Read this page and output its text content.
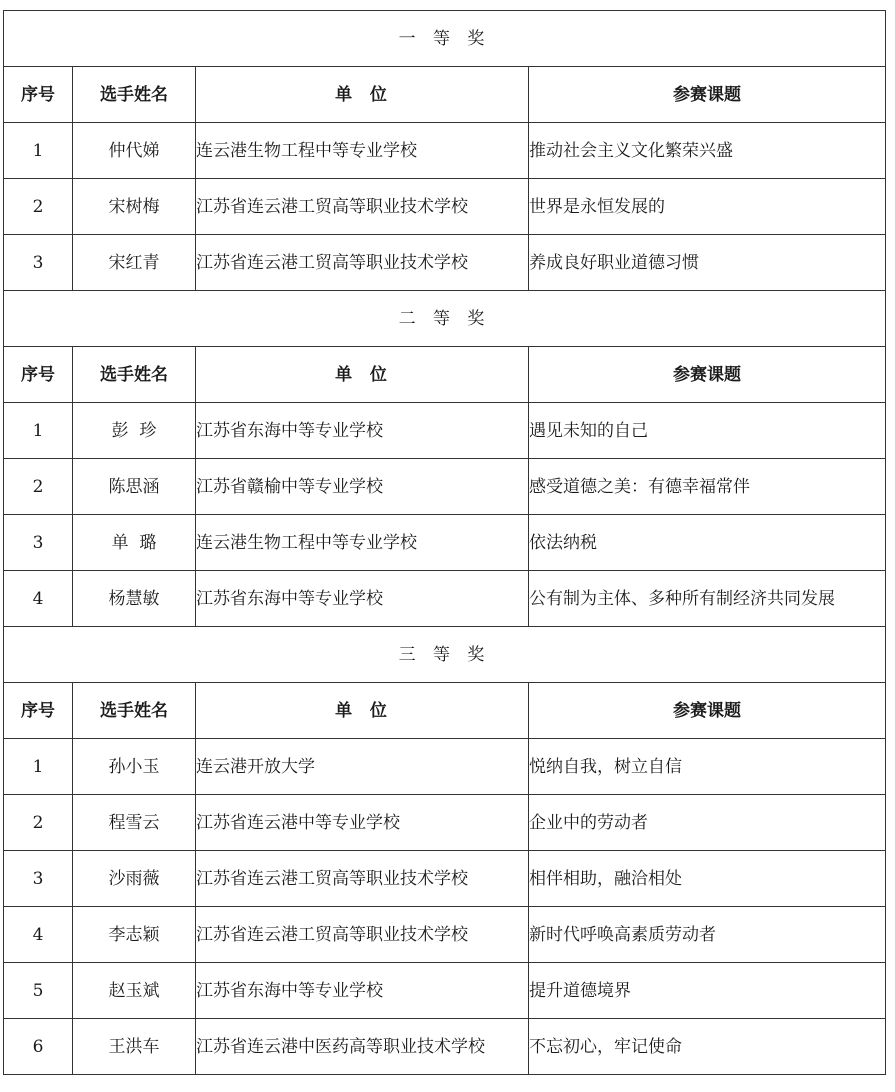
一 等 奖			
序号	选手姓名	单  位	参赛课题
1	仲代娣	连云港生物工程中等专业学校	推动社会主义文化繁荣兴盛
2	宋树梅	江苏省连云港工贸高等职业技术学校	世界是永恒发展的
3	宋红青	江苏省连云港工贸高等职业技术学校	养成良好职业道德习惯
二 等 奖			
序号	选手姓名	单  位	参赛课题
1	彭  珍	江苏省东海中等专业学校	遇见未知的自己
2	陈思涵	江苏省赣榆中等专业学校	感受道德之美：有德幸福常伴
3	单  璐	连云港生物工程中等专业学校	依法纳税
4	杨慧敏	江苏省东海中等专业学校	公有制为主体、多种所有制经济共同发展
三 等 奖			
序号	选手姓名	单  位	参赛课题
1	孙小玉	连云港开放大学	悦纳自我，树立自信
2	程雪云	江苏省连云港中等专业学校	企业中的劳动者
3	沙雨薇	江苏省连云港工贸高等职业技术学校	相伴相助，融洽相处
4	李志颖	江苏省连云港工贸高等职业技术学校	新时代呼唤高素质劳动者
5	赵玉斌	江苏省东海中等专业学校	提升道德境界
6	王洪车	江苏省连云港中医药高等职业技术学校	不忘初心，牢记使命
